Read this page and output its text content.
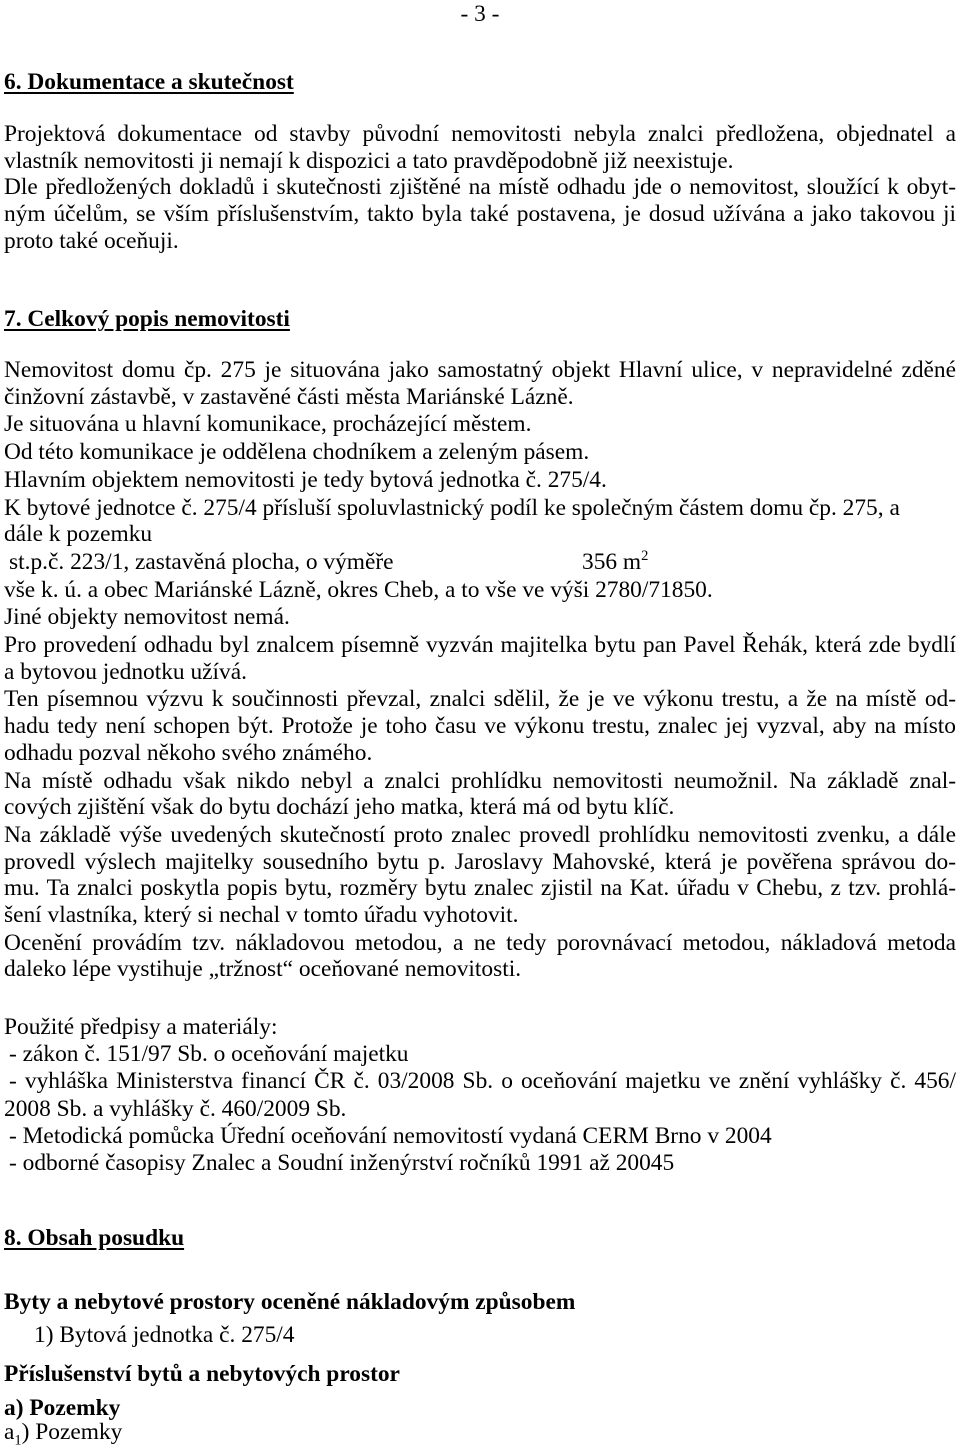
- 3 -
6. Dokumentace a skutečnost
Projektová dokumentace od stavby původní nemovitosti nebyla znalci předložena, objednatel a
vlastník nemovitosti ji nemají k dispozici a tato pravděpodobně již neexistuje.
Dle předložených dokladů i skutečnosti zjištěné na místě odhadu jde o nemovitost, sloužící k obyt-
ným účelům, se vším příslušenstvím, takto byla také postavena, je dosud užívána a jako takovou ji
proto také oceňuji.
7. Celkový popis nemovitosti
Nemovitost domu čp. 275 je situována jako samostatný objekt Hlavní ulice, v nepravidelné zděné
činžovní zástavbě, v zastavěné části města Mariánské Lázně.
Je situována u hlavní komunikace, procházející městem.
Od této komunikace je oddělena chodníkem a zeleným pásem.
Hlavním objektem nemovitosti je tedy bytová jednotka č. 275/4.
K bytové jednotce č. 275/4 přísluší spoluvlastnický podíl ke společným částem domu čp. 275, a
dále k pozemku
st.p.č. 223/1, zastavěná plocha, o výměře	356 $m^2$
vše k. ú. a obec Mariánské Lázně, okres Cheb, a to vše ve výši 2780/71850.
Jiné objekty nemovitost nemá.
Pro provedení odhadu byl znalcem písemně vyzván majitelka bytu pan Pavel Řehák, která zde bydlí
a bytovou jednotku užívá.
Ten písemnou výzvu k součinnosti převzal, znalci sdělil, že je ve výkonu trestu, a že na místě od-
hadu tedy není schopen být. Protože je toho času ve výkonu trestu, znalec jej vyzval, aby na místo
odhadu pozval někoho svého známého.
Na místě odhadu však nikdo nebyl a znalci prohlídku nemovitosti neumožnil. Na základě znal-
cových zjištění však do bytu dochází jeho matka, která má od bytu klíč.
Na základě výše uvedených skutečností proto znalec provedl prohlídku nemovitosti zvenku, a dále
provedl výslech majitelky sousedního bytu p. Jaroslavy Mahovské, která je pověřena správou do-
mu. Ta znalci poskytla popis bytu, rozměry bytu znalec zjistil na Kat. úřadu v Chebu, z tzv. prohlá-
šení vlastníka, který si nechal v tomto úřadu vyhotovit.
Ocenění provádím tzv. nákladovou metodou, a ne tedy porovnávací metodou, nákladová metoda
daleko lépe vystihuje „tržnost“ oceňované nemovitosti.
Použité předpisy a materiály:
- zákon č. 151/97 Sb. o oceňování majetku
- vyhláška Ministerstva financí ČR č. 03/2008 Sb. o oceňování majetku ve znění vyhlášky č. 456/
2008 Sb. a vyhlášky č. 460/2009 Sb.
- Metodická pomůcka Úřední oceňování nemovitostí vydaná CERM Brno v 2004
- odborné časopisy Znalec a Soudní inženýrství ročníků 1991 až 20045
8. Obsah posudku
Byty a nebytové prostory oceněné nákladovým způsobem
1) Bytová jednotka č. 275/4
Příslušenství bytů a nebytových prostor
a) Pozemky
$a_1$) Pozemky
